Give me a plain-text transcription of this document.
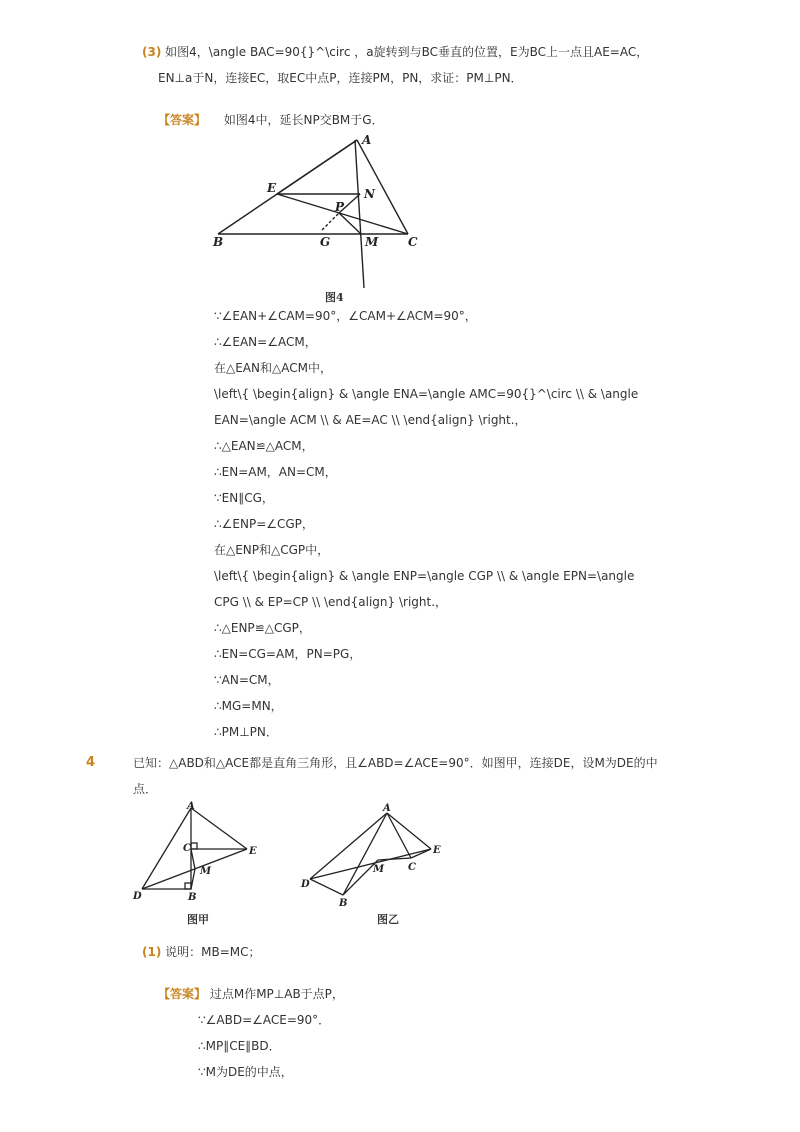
(3) 如图4，\angle BAC=90{}^\circ ，a旋转到与BC垂直的位置，E为BC上一点且AE=AC，
EN⊥a于N，连接EC，取EC中点P，连接PM，PN，求证：PM⊥PN．
【答案】 如图4中，延长NP交BM于G．
A
E	N
P
B	G	M C
图4
∵∠EAN+∠CAM=90°，∠CAM+∠ACM=90°，
∴∠EAN=∠ACM，
在△EAN和△ACM中，
\left\{ \begin{align} & \angle ENA=\angle AMC=90{}^\circ \\ & \angle
EAN=\angle ACM \\ & AE=AC \\ \end{align} \right.，
∴△EAN≌△ACM，
∴EN=AM，AN=CM，
∵EN∥CG，
∴∠ENP=∠CGP，
在△ENP和△CGP中，
\left\{ \begin{align} & \angle ENP=\angle CGP \\ & \angle EPN=\angle
CPG \\ & EP=CP \\ \end{align} \right.，
∴△ENP≌△CGP，
∴EN=CG=AM，PN=PG，
∵AN=CM，
∴MG=MN，
∴PM⊥PN．
4	已知：△ABD和△ACE都是直角三角形，且∠ABD=∠ACE=90°．如图甲，连接DE，设M为DE的中
点．
A
C	E
M
D	B
图甲
A
E
M C
D
B
图乙
(1) 说明：MB=MC；
【答案】 过点M作MP⊥AB于点P，
∵∠ABD=∠ACE=90°．
∴MP∥CE∥BD．
∵M为DE的中点，
